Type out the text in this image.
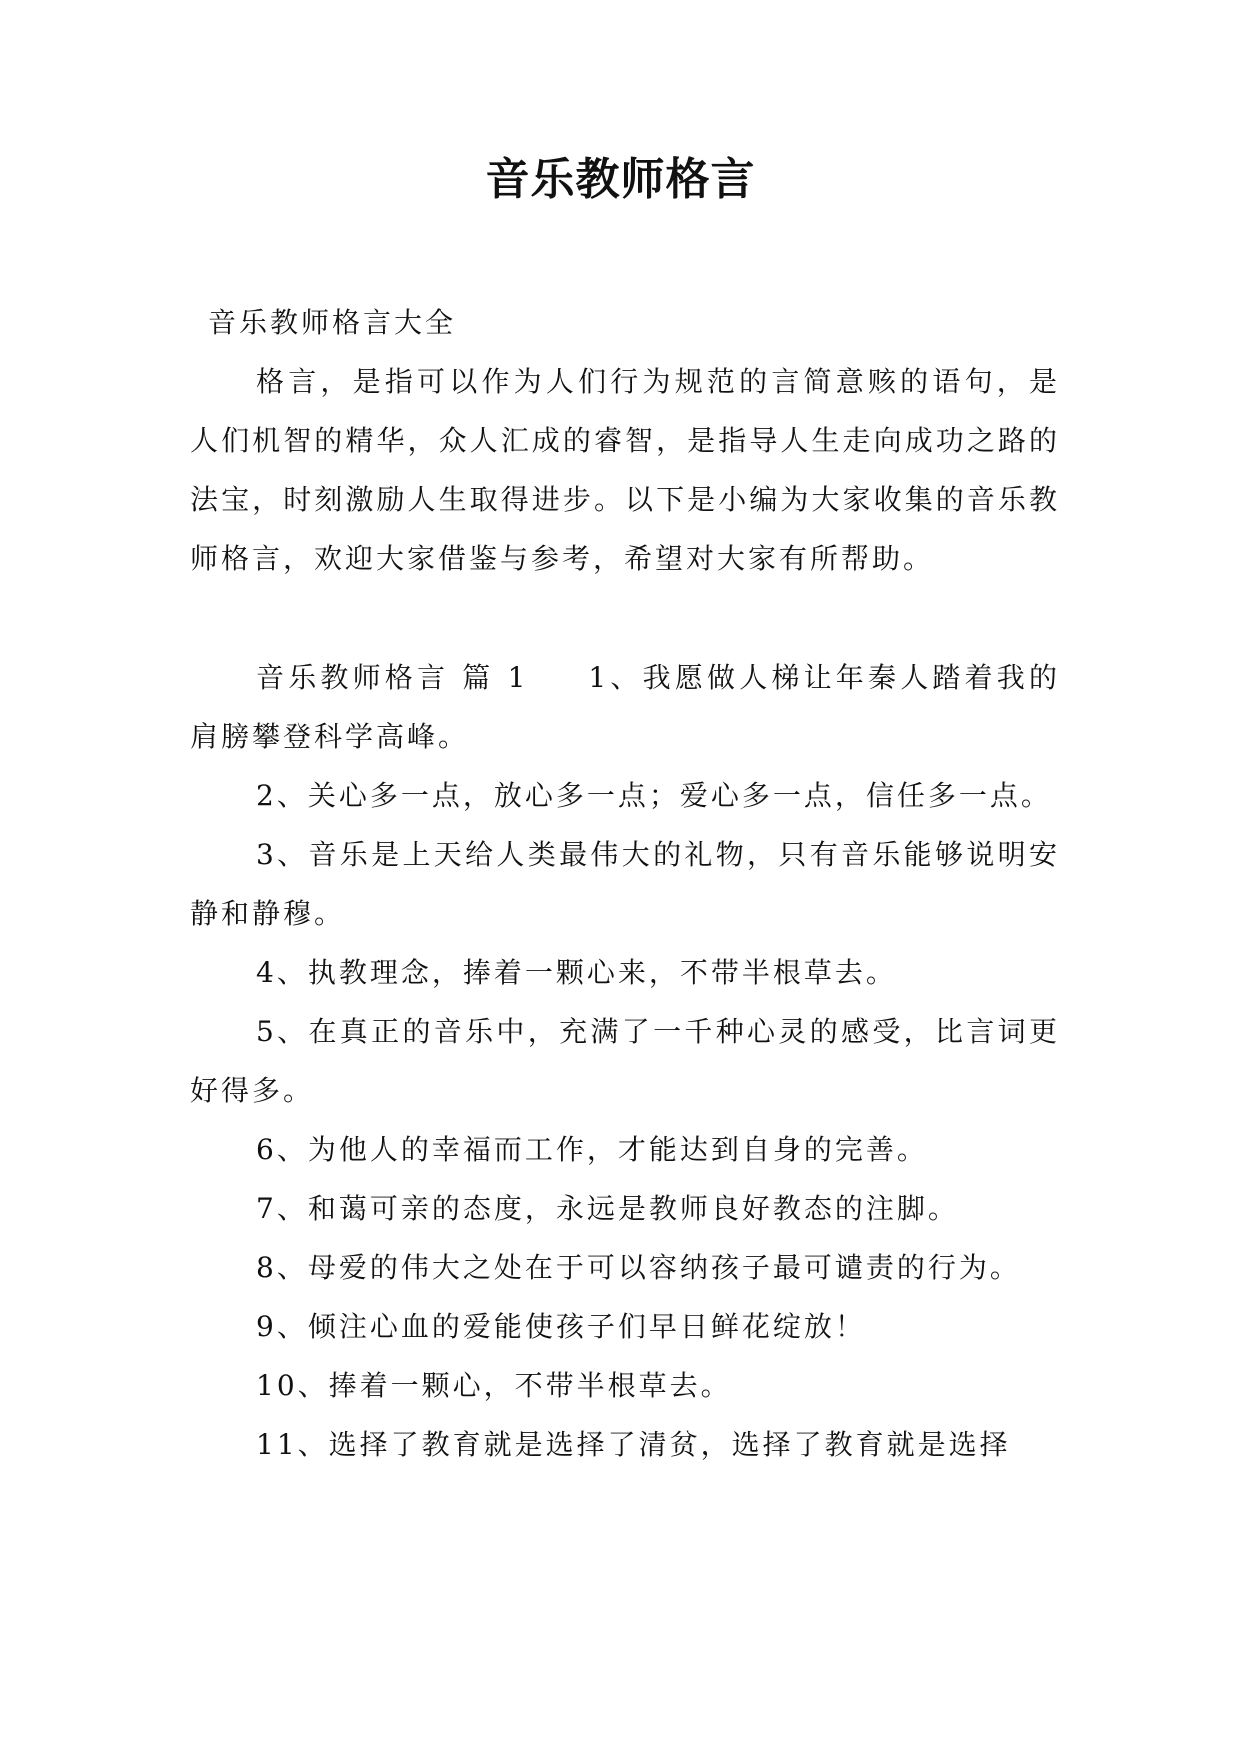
音乐教师格言

音乐教师格言大全

格言，是指可以作为人们行为规范的言简意赅的语句，是人们机智的精华，众人汇成的睿智，是指导人生走向成功之路的法宝，时刻激励人生取得进步。以下是小编为大家收集的音乐教师格言，欢迎大家借鉴与参考，希望对大家有所帮助。

音乐教师格言 篇 1 1、我愿做人梯让年秦人踏着我的肩膀攀登科学高峰。

2、关心多一点，放心多一点；爱心多一点，信任多一点。

3、音乐是上天给人类最伟大的礼物，只有音乐能够说明安静和静穆。

4、执教理念，捧着一颗心来，不带半根草去。

5、在真正的音乐中，充满了一千种心灵的感受，比言词更好得多。

6、为他人的幸福而工作，才能达到自身的完善。

7、和蔼可亲的态度，永远是教师良好教态的注脚。

8、母爱的伟大之处在于可以容纳孩子最可谴责的行为。

9、倾注心血的爱能使孩子们早日鲜花绽放！

10、捧着一颗心，不带半根草去。

11、选择了教育就是选择了清贫，选择了教育就是选择
